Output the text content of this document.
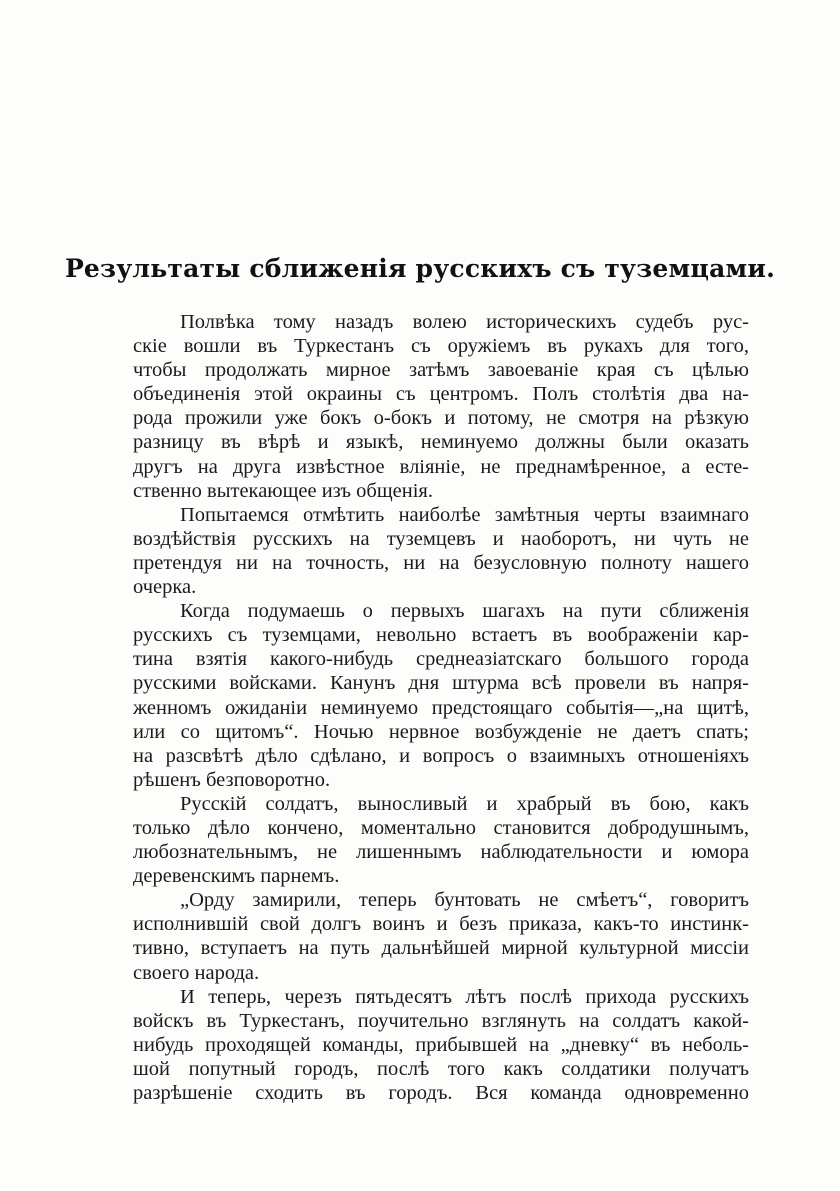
Результаты сближенія русскихъ съ туземцами.
Полвѣка тому назадъ волею историческихъ судебъ рус-
скіе вошли въ Туркестанъ съ оружіемъ въ рукахъ для того,
чтобы продолжать мирное затѣмъ завоеваніе края съ цѣлью
объединенія этой окраины съ центромъ. Полъ столѣтія два на-
рода прожили уже бокъ о-бокъ и потому, не смотря на рѣзкую
разницу въ вѣрѣ и языкѣ, неминуемо должны были оказать
другъ на друга извѣстное вліяніе, не преднамѣренное, а есте-
ственно вытекающее изъ общенія.
Попытаемся отмѣтить наиболѣе замѣтныя черты взаимнаго
воздѣйствія русскихъ на туземцевъ и наоборотъ, ни чуть не
претендуя ни на точность, ни на безусловную полноту нашего
очерка.
Когда подумаешь о первыхъ шагахъ на пути сближенія
русскихъ съ туземцами, невольно встаетъ въ воображеніи кар-
тина взятія какого-нибудь среднеазіатскаго большого города
русскими войсками. Канунъ дня штурма всѣ провели въ напря-
женномъ ожиданіи неминуемо предстоящаго событія—„на щитѣ,
или со щитомъ“. Ночью нервное возбужденіе не даетъ спать;
на разсвѣтѣ дѣло сдѣлано, и вопросъ о взаимныхъ отношеніяхъ
рѣшенъ безповоротно.
Русскій солдатъ, выносливый и храбрый въ бою, какъ
только дѣло кончено, моментально становится добродушнымъ,
любознательнымъ, не лишеннымъ наблюдательности и юмора
деревенскимъ парнемъ.
„Орду замирили, теперь бунтовать не смѣетъ“, говоритъ
исполнившій свой долгъ воинъ и безъ приказа, какъ-то инстинк-
тивно, вступаетъ на путь дальнѣйшей мирной культурной миссіи
своего народа.
И теперь, черезъ пятьдесятъ лѣтъ послѣ прихода русскихъ
войскъ въ Туркестанъ, поучительно взглянуть на солдатъ какой-
нибудь проходящей команды, прибывшей на „дневку“ въ неболь-
шой попутный городъ, послѣ того какъ солдатики получатъ
разрѣшеніе сходить въ городъ. Вся команда одновременно
